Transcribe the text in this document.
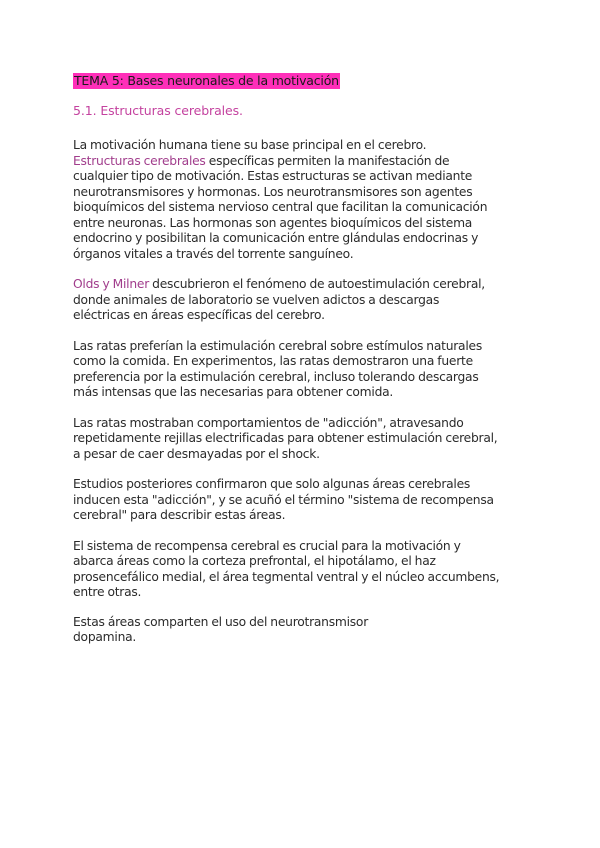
TEMA 5: Bases neuronales de la motivación
5.1. Estructuras cerebrales.

La motivación humana tiene su base principal en el cerebro.
Estructuras cerebrales específicas permiten la manifestación de
cualquier tipo de motivación. Estas estructuras se activan mediante
neurotransmisores y hormonas. Los neurotransmisores son agentes
bioquímicos del sistema nervioso central que facilitan la comunicación
entre neuronas. Las hormonas son agentes bioquímicos del sistema
endocrino y posibilitan la comunicación entre glándulas endocrinas y
órganos vitales a través del torrente sanguíneo.

Olds y Milner descubrieron el fenómeno de autoestimulación cerebral,
donde animales de laboratorio se vuelven adictos a descargas
eléctricas en áreas específicas del cerebro.

Las ratas preferían la estimulación cerebral sobre estímulos naturales
como la comida. En experimentos, las ratas demostraron una fuerte
preferencia por la estimulación cerebral, incluso tolerando descargas
más intensas que las necesarias para obtener comida.

Las ratas mostraban comportamientos de "adicción", atravesando
repetidamente rejillas electrificadas para obtener estimulación cerebral,
a pesar de caer desmayadas por el shock.

Estudios posteriores confirmaron que solo algunas áreas cerebrales
inducen esta "adicción", y se acuñó el término "sistema de recompensa
cerebral" para describir estas áreas.

El sistema de recompensa cerebral es crucial para la motivación y
abarca áreas como la corteza prefrontal, el hipotálamo, el haz
prosencefálico medial, el área tegmental ventral y el núcleo accumbens,
entre otras.

Estas áreas comparten el uso del neurotransmisor
dopamina.
